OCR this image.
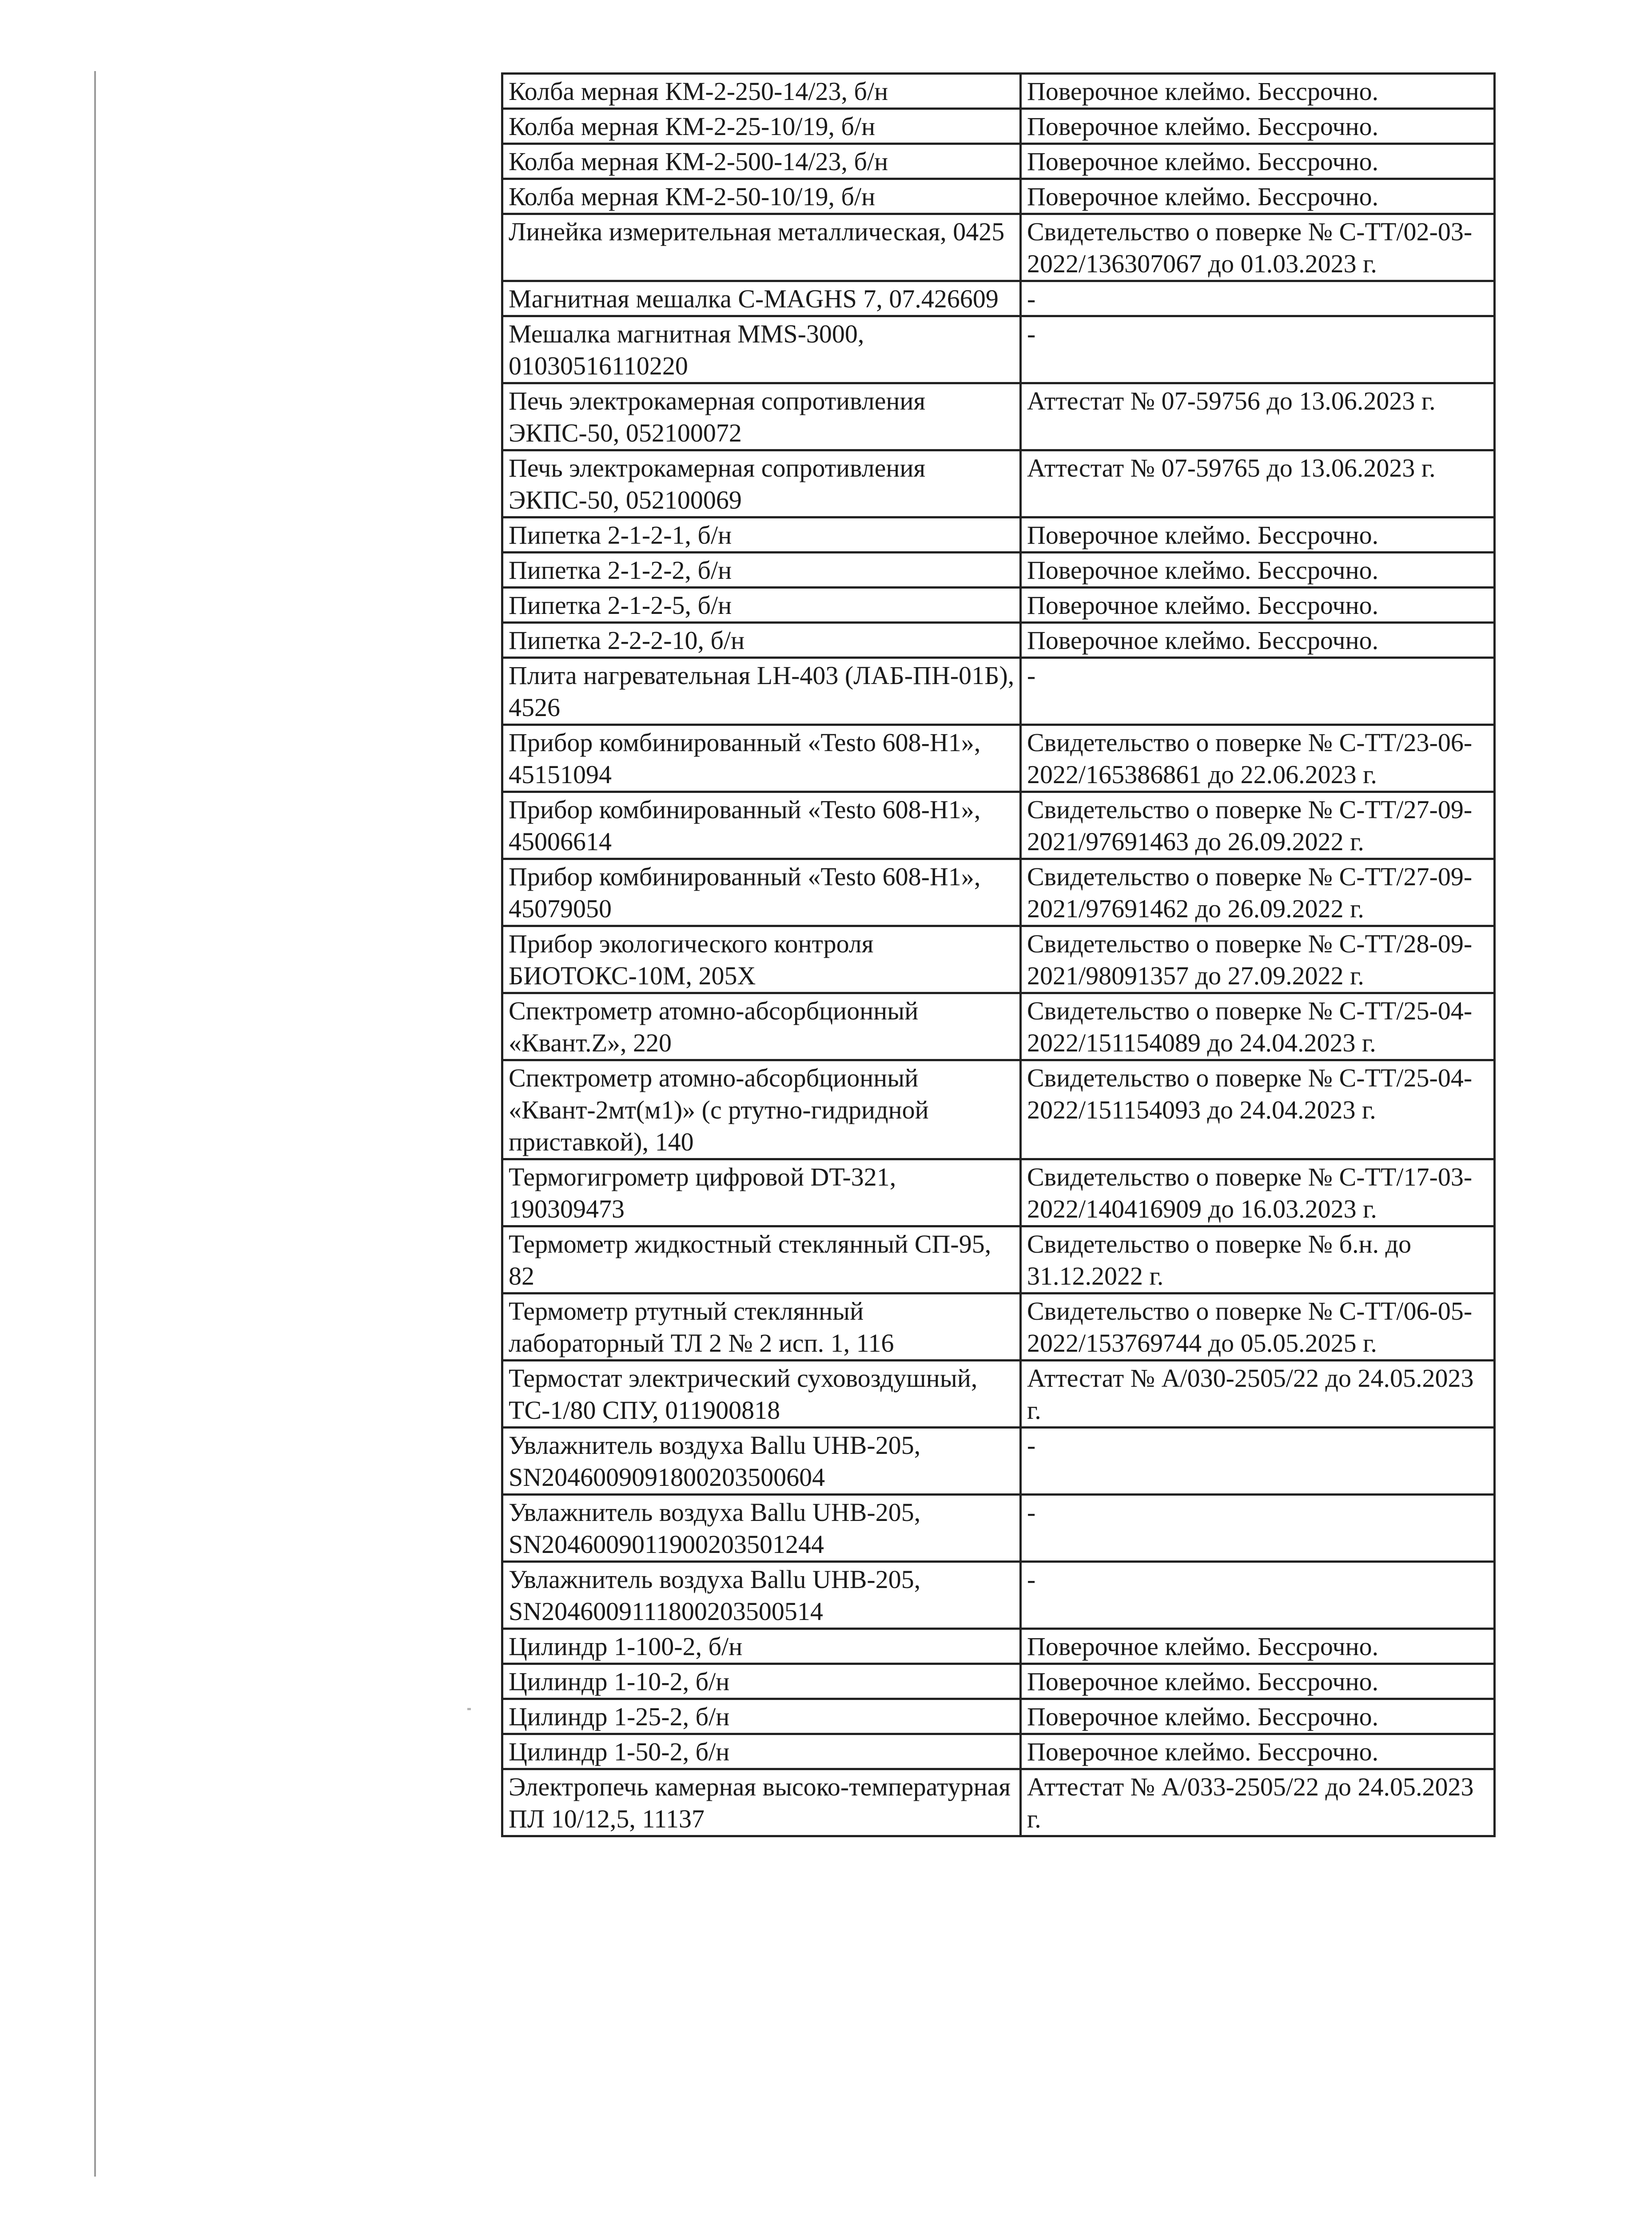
Колба мерная КМ-2-250-14/23, б/н	Поверочное клеймо. Бессрочно.
Колба мерная КМ-2-25-10/19, б/н	Поверочное клеймо. Бессрочно.
Колба мерная КМ-2-500-14/23, б/н	Поверочное клеймо. Бессрочно.
Колба мерная КМ-2-50-10/19, б/н	Поверочное клеймо. Бессрочно.
Линейка измерительная металлическая, 0425	Свидетельство о поверке № С-ТТ/02-03-2022/136307067 до 01.03.2023 г.
Магнитная мешалка C-MAGHS 7, 07.426609	-
Мешалка магнитная MMS-3000, 01030516110220	-
Печь электрокамерная сопротивления ЭКПС-50, 052100072	Аттестат № 07-59756 до 13.06.2023 г.
Печь электрокамерная сопротивления ЭКПС-50, 052100069	Аттестат № 07-59765 до 13.06.2023 г.
Пипетка 2-1-2-1, б/н	Поверочное клеймо. Бессрочно.
Пипетка 2-1-2-2, б/н	Поверочное клеймо. Бессрочно.
Пипетка 2-1-2-5, б/н	Поверочное клеймо. Бессрочно.
Пипетка 2-2-2-10, б/н	Поверочное клеймо. Бессрочно.
Плита нагревательная LH-403 (ЛАБ-ПН-01Б), 4526	-
Прибор комбинированный «Testo 608-H1», 45151094	Свидетельство о поверке № С-ТТ/23-06-2022/165386861 до 22.06.2023 г.
Прибор комбинированный «Testo 608-H1», 45006614	Свидетельство о поверке № С-ТТ/27-09-2021/97691463 до 26.09.2022 г.
Прибор комбинированный «Testo 608-H1», 45079050	Свидетельство о поверке № С-ТТ/27-09-2021/97691462 до 26.09.2022 г.
Прибор экологического контроля БИОТОКС-10М, 205Х	Свидетельство о поверке № С-ТТ/28-09-2021/98091357 до 27.09.2022 г.
Спектрометр атомно-абсорбционный «Квант.Z», 220	Свидетельство о поверке № С-ТТ/25-04-2022/151154089 до 24.04.2023 г.
Спектрометр атомно-абсорбционный «Квант-2мт(м1)» (с ртутно-гидридной приставкой), 140	Свидетельство о поверке № С-ТТ/25-04-2022/151154093 до 24.04.2023 г.
Термогигрометр цифровой DT-321, 190309473	Свидетельство о поверке № С-ТТ/17-03-2022/140416909 до 16.03.2023 г.
Термометр жидкостный стеклянный СП-95, 82	Свидетельство о поверке № б.н. до 31.12.2022 г.
Термометр ртутный стеклянный лабораторный ТЛ 2 № 2 исп. 1, 116	Свидетельство о поверке № С-ТТ/06-05-2022/153769744 до 05.05.2025 г.
Термостат электрический суховоздушный, ТС-1/80 СПУ, 011900818	Аттестат № А/030-2505/22 до 24.05.2023 г.
Увлажнитель воздуха Ballu UHB-205, SN204600909180020350060​4	-
Увлажнитель воздуха Ballu UHB-205, SN204600901190020350124​4	-
Увлажнитель воздуха Ballu UHB-205, SN204600911180020350051​4	-
Цилиндр 1-100-2, б/н	Поверочное клеймо. Бессрочно.
Цилиндр 1-10-2, б/н	Поверочное клеймо. Бессрочно.
Цилиндр 1-25-2, б/н	Поверочное клеймо. Бессрочно.
Цилиндр 1-50-2, б/н	Поверочное клеймо. Бессрочно.
Электропечь камерная высоко-температурная ПЛ 10/12,5, 11137	Аттестат № А/033-2505/22 до 24.05.2023 г.
